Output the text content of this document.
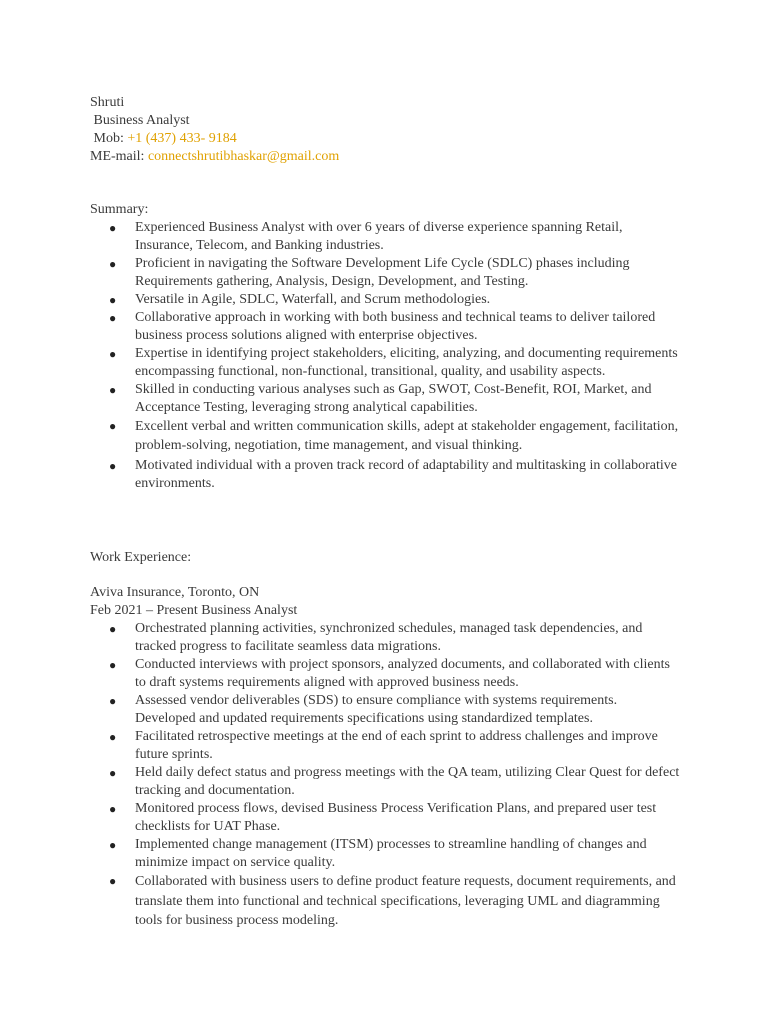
Shruti
Business Analyst
Mob: +1 (437) 433- 9184
ME-mail: connectshrutibhaskar@gmail.com
Summary:
● Experienced Business Analyst with over 6 years of diverse experience spanning Retail, Insurance, Telecom, and Banking industries.
● Proficient in navigating the Software Development Life Cycle (SDLC) phases including Requirements gathering, Analysis, Design, Development, and Testing.
● Versatile in Agile, SDLC, Waterfall, and Scrum methodologies.
● Collaborative approach in working with both business and technical teams to deliver tailored business process solutions aligned with enterprise objectives.
● Expertise in identifying project stakeholders, eliciting, analyzing, and documenting requirements encompassing functional, non-functional, transitional, quality, and usability aspects.
● Skilled in conducting various analyses such as Gap, SWOT, Cost-Benefit, ROI, Market, and Acceptance Testing, leveraging strong analytical capabilities.
● Excellent verbal and written communication skills, adept at stakeholder engagement, facilitation, problem-solving, negotiation, time management, and visual thinking.
● Motivated individual with a proven track record of adaptability and multitasking in collaborative environments.
Work Experience:
Aviva Insurance, Toronto, ON
Feb 2021 – Present Business Analyst
● Orchestrated planning activities, synchronized schedules, managed task dependencies, and tracked progress to facilitate seamless data migrations.
● Conducted interviews with project sponsors, analyzed documents, and collaborated with clients to draft systems requirements aligned with approved business needs.
● Assessed vendor deliverables (SDS) to ensure compliance with systems requirements. Developed and updated requirements specifications using standardized templates.
● Facilitated retrospective meetings at the end of each sprint to address challenges and improve future sprints.
● Held daily defect status and progress meetings with the QA team, utilizing Clear Quest for defect tracking and documentation.
● Monitored process flows, devised Business Process Verification Plans, and prepared user test checklists for UAT Phase.
● Implemented change management (ITSM) processes to streamline handling of changes and minimize impact on service quality.
● Collaborated with business users to define product feature requests, document requirements, and translate them into functional and technical specifications, leveraging UML and diagramming tools for business process modeling.
